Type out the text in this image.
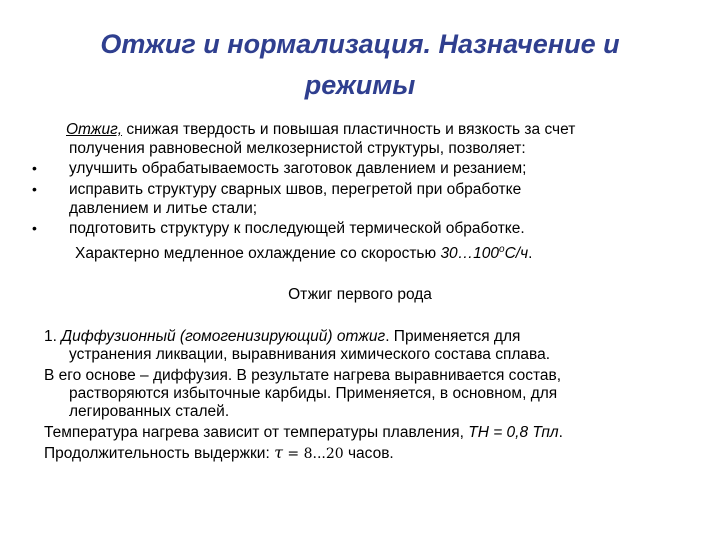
Отжиг и нормализация. Назначение и
режимы
Отжиг, снижая твердость и повышая пластичность и вязкость за счет
получения равновесной мелкозернистой структуры, позволяет:
• улучшить обрабатываемость заготовок давлением и резанием;
• исправить структуру сварных швов, перегретой при обработке
давлением и литье стали;
• подготовить структуру к последующей термической обработке.
Характерно медленное охлаждение со скоростью $30\dots 100^оС/ч$.
Отжиг первого рода
1. Диффузионный (гомогенизирующий) отжиг. Применяется для
устранения ликвации, выравнивания химического состава сплава.
В его основе – диффузия. В результате нагрева выравнивается состав,
растворяются избыточные карбиды. Применяется, в основном, для
легированных сталей.
Температура нагрева зависит от температуры плавления, ТН = 0,8 Тпл.
Продолжительность выдержки: τ = 8...20 часов.
